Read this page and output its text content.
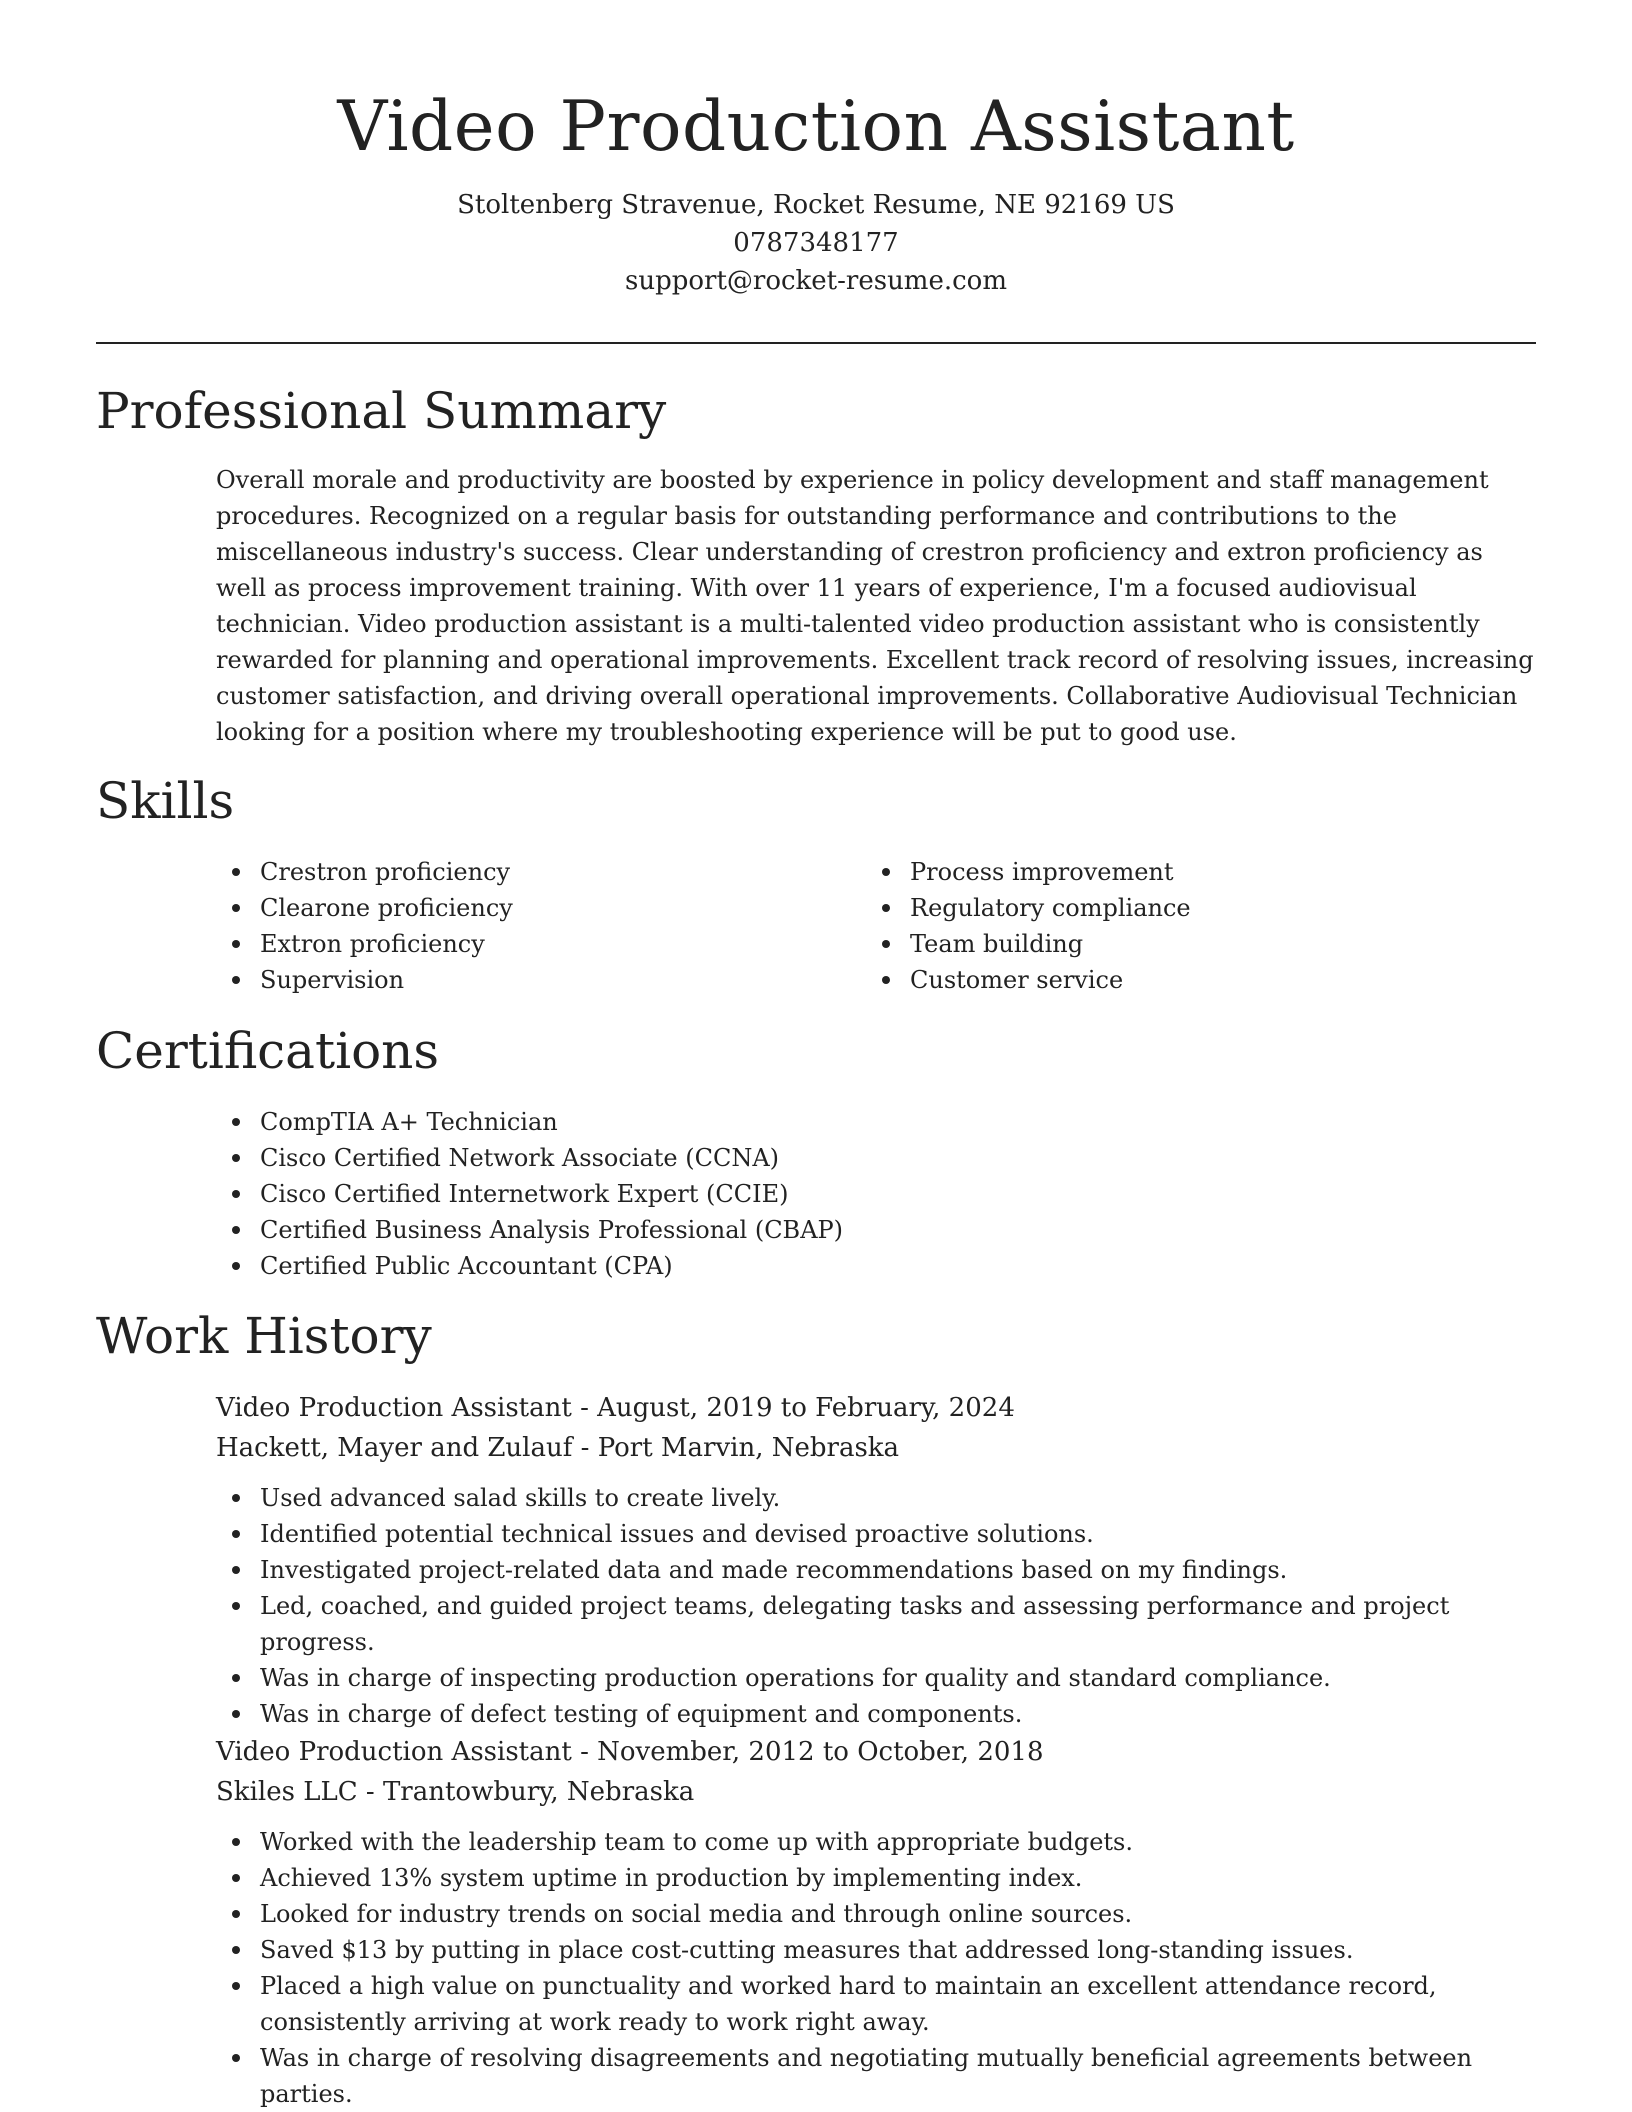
Video Production Assistant

Stoltenberg Stravenue, Rocket Resume, NE 92169 US

0787348177

support@rocket-resume.com

Professional Summary

Overall morale and productivity are boosted by experience in policy development and staff management procedures. Recognized on a regular basis for outstanding performance and contributions to the miscellaneous industry's success. Clear understanding of crestron proficiency and extron proficiency as well as process improvement training. With over 11 years of experience, I'm a focused audiovisual technician. Video production assistant is a multi-talented video production assistant who is consistently rewarded for planning and operational improvements. Excellent track record of resolving issues, increasing customer satisfaction, and driving overall operational improvements. Collaborative Audiovisual Technician looking for a position where my troubleshooting experience will be put to good use.

Skills
Crestron proficiency
Clearone proficiency
Extron proficiency
Supervision
Process improvement
Regulatory compliance
Team building
Customer service
Certifications
CompTIA A+ Technician
Cisco Certified Network Associate (CCNA)
Cisco Certified Internetwork Expert (CCIE)
Certified Business Analysis Professional (CBAP)
Certified Public Accountant (CPA)
Work History

Video Production Assistant - August, 2019 to February, 2024

Hackett, Mayer and Zulauf - Port Marvin, Nebraska

Used advanced salad skills to create lively.
Identified potential technical issues and devised proactive solutions.
Investigated project-related data and made recommendations based on my findings.
Led, coached, and guided project teams, delegating tasks and assessing performance and project progress.
Was in charge of inspecting production operations for quality and standard compliance.
Was in charge of defect testing of equipment and components.

Video Production Assistant - November, 2012 to October, 2018

Skiles LLC - Trantowbury, Nebraska

Worked with the leadership team to come up with appropriate budgets.
Achieved 13% system uptime in production by implementing index.
Looked for industry trends on social media and through online sources.
Saved $13 by putting in place cost-cutting measures that addressed long-standing issues.
Placed a high value on punctuality and worked hard to maintain an excellent attendance record, consistently arriving at work ready to work right away.
Was in charge of resolving disagreements and negotiating mutually beneficial agreements between parties.
